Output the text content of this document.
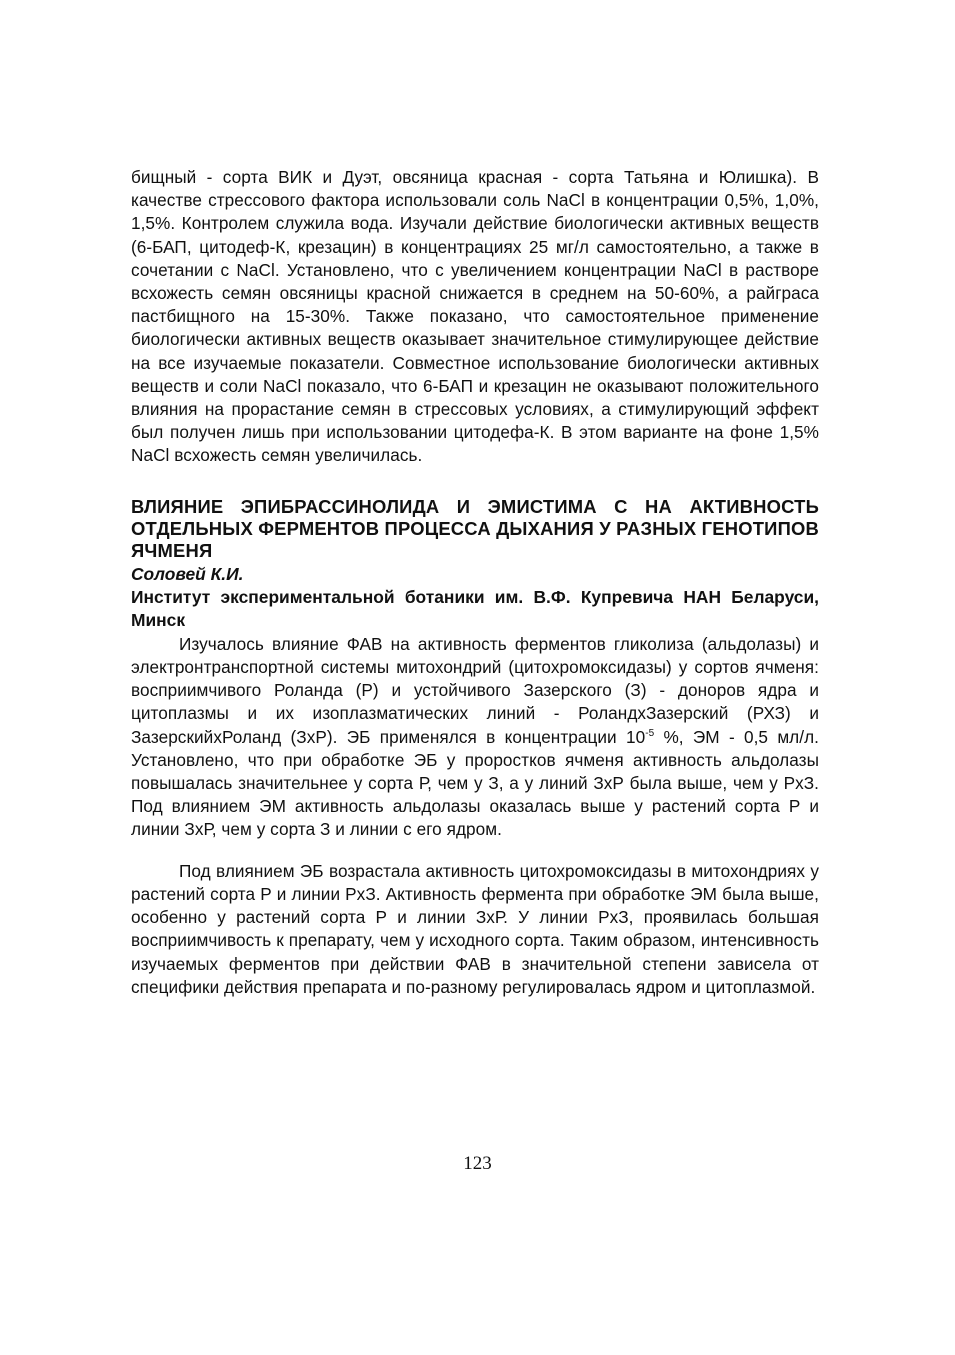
бищный - сорта ВИК и Дуэт, овсяница красная - сорта Татьяна и Юлишка). В качестве стрессового фактора использовали соль NaCl в концентрации 0,5%, 1,0%, 1,5%. Контролем служила вода. Изучали действие биологически активных веществ (6-БАП, цитодеф-К, крезацин) в концентрациях 25 мг/л самостоятельно, а также в сочетании с NaCl. Установлено, что с увеличением концентрации NaCl в растворе всхожесть семян овсяницы красной снижается в среднем на 50-60%, а райграса пастбищного на 15-30%. Также показано, что самостоятельное применение биологически активных веществ оказывает значительное стимулирующее действие на все изучаемые показатели. Совместное использование биологически активных веществ и соли NaCl показало, что 6-БАП и крезацин не оказывают положительного влияния на прорастание семян в стрессовых условиях, а стимулирующий эффект был получен лишь при использовании цитодефа-К. В этом варианте на фоне 1,5% NaCl всхожесть семян увеличилась.

ВЛИЯНИЕ ЭПИБРАССИНОЛИДА И ЭМИСТИМА С НА АКТИВНОСТЬ ОТДЕЛЬНЫХ ФЕРМЕНТОВ ПРОЦЕССА ДЫХАНИЯ У РАЗНЫХ ГЕНОТИПОВ ЯЧМЕНЯ

Соловей К.И.

Институт экспериментальной ботаники им. В.Ф. Купревича НАН Беларуси, Минск

Изучалось влияние ФАВ на активность ферментов гликолиза (альдолазы) и электронтранспортной системы митохондрий (цитохромоксидазы) у сортов ячменя: восприимчивого Роланда (Р) и устойчивого Зазерского (З) - доноров ядра и цитоплазмы и их изоплазматических линий - РоландхЗазерский (РХЗ) и ЗазерскийхРоланд (ЗхР). ЭБ применялся в концентрации $10^{-5}$ %, ЭМ - 0,5 мл/л. Установлено, что при обработке ЭБ у проростков ячменя активность альдолазы повышалась значительнее у сорта Р, чем у З, а у линий ЗхР была выше, чем у РхЗ. Под влиянием ЭМ активность альдолазы оказалась выше у растений сорта Р и линии ЗхР, чем у сорта З и линии с его ядром.

Под влиянием ЭБ возрастала активность цитохромоксидазы в митохондриях у растений сорта Р и линии РхЗ. Активность фермента при обработке ЭМ была выше, особенно у растений сорта Р и линии ЗхР. У линии РхЗ, проявилась большая восприимчивость к препарату, чем у исходного сорта. Таким образом, интенсивность изучаемых ферментов при действии ФАВ в значительной степени зависела от специфики действия препарата и по-разному регулировалась ядром и цитоплазмой.

123
